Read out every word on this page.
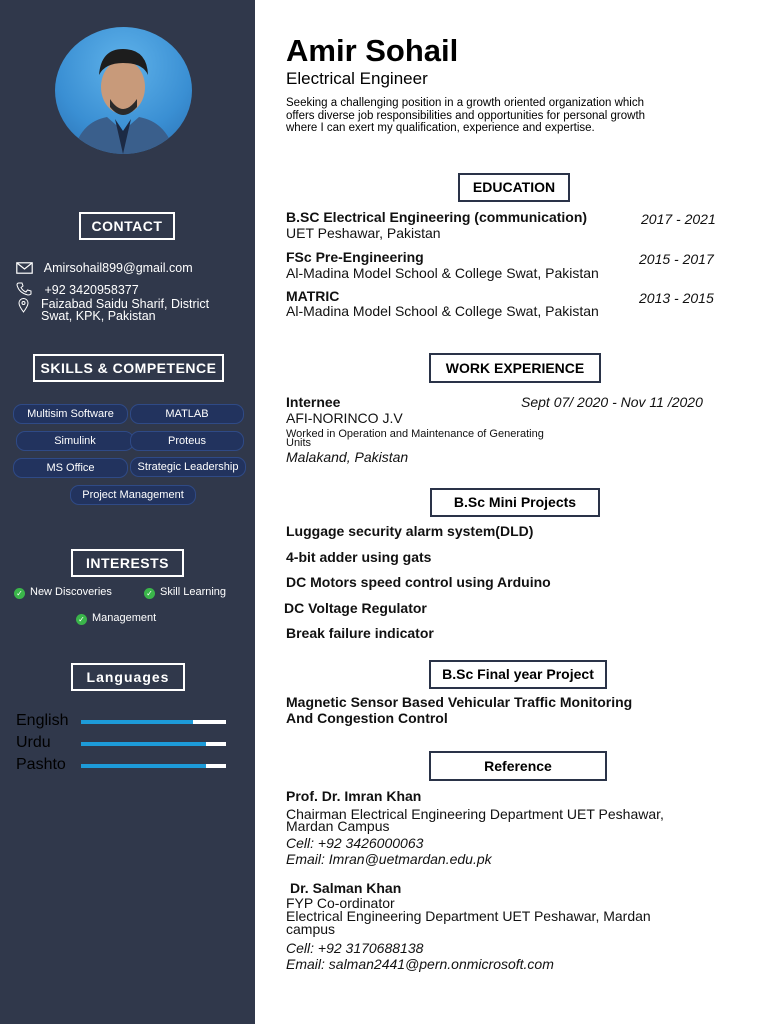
CONTACT
Amirsohail899@gmail.com
+92 3420958377
Faizabad Saidu Sharif, District
Swat, KPK, Pakistan
SKILLS & COMPETENCE
Multisim Software	MATLAB
Simulink	Proteus
MS Office	Strategic Leadership
Project Management
INTERESTS
✓ New Discoveries	✓ Skill Learning
✓ Management
Languages
English
Urdu
Pashto
Amir Sohail
Electrical Engineer
Seeking a challenging position in a growth oriented organization which
offers diverse job responsibilities and opportunities for personal growth
where I can exert my qualification, experience and expertise.
EDUCATION
B.SC Electrical Engineering (communication)
UET Peshawar, Pakistan
2017 - 2021
FSc Pre-Engineering
Al-Madina Model School & College Swat, Pakistan
2015 - 2017
MATRIC
Al-Madina Model School & College Swat, Pakistan
2013 - 2015
WORK EXPERIENCE
Internee	Sept 07/ 2020 - Nov 11 /2020
AFI-NORINCO J.V
Worked in Operation and Maintenance of Generating
Units
Malakand, Pakistan
B.Sc Mini Projects
Luggage security alarm system(DLD)
4-bit adder using gats
DC Motors speed control using Arduino
DC Voltage Regulator
Break failure indicator
B.Sc Final year Project
Magnetic Sensor Based Vehicular Traffic Monitoring
And Congestion Control
Reference
Prof. Dr. Imran Khan
Chairman Electrical Engineering Department UET Peshawar,
Mardan Campus
Cell: +92 3426000063
Email: Imran@uetmardan.edu.pk
Dr. Salman Khan
FYP Co-ordinator
Electrical Engineering Department UET Peshawar, Mardan
campus
Cell: +92 3170688138
Email: salman2441@pern.onmicrosoft.com
